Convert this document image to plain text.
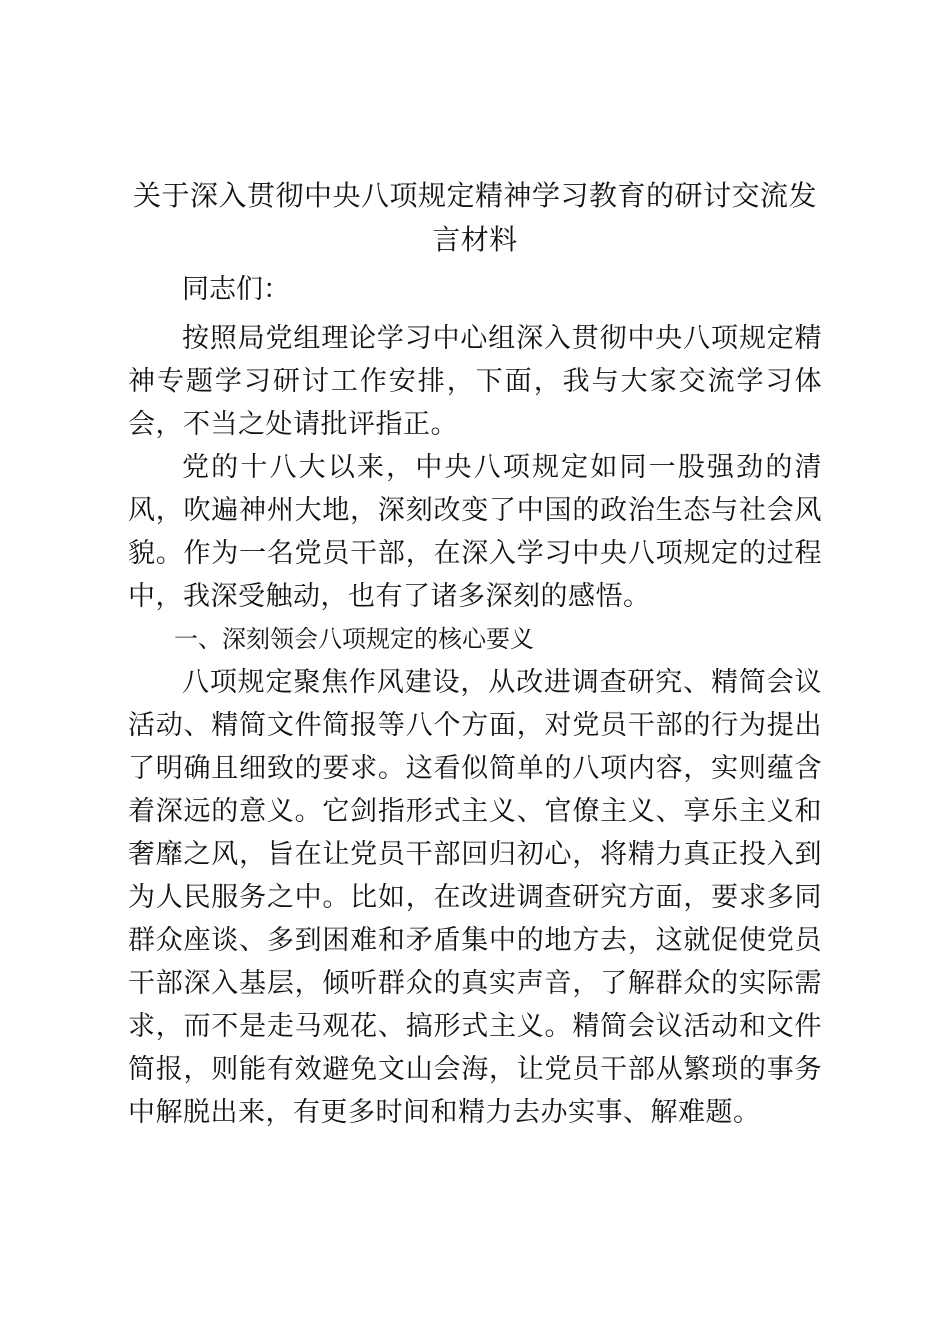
关于深入贯彻中央八项规定精神学习教育的研讨交流发言材料

同志们：

按照局党组理论学习中心组深入贯彻中央八项规定精神专题学习研讨工作安排，下面，我与大家交流学习体会，不当之处请批评指正。

党的十八大以来，中央八项规定如同一股强劲的清风，吹遍神州大地，深刻改变了中国的政治生态与社会风貌。作为一名党员干部，在深入学习中央八项规定的过程中，我深受触动，也有了诸多深刻的感悟。

一、深刻领会八项规定的核心要义

八项规定聚焦作风建设，从改进调查研究、精简会议活动、精简文件简报等八个方面，对党员干部的行为提出了明确且细致的要求。这看似简单的八项内容，实则蕴含着深远的意义。它剑指形式主义、官僚主义、享乐主义和奢靡之风，旨在让党员干部回归初心，将精力真正投入到为人民服务之中。比如，在改进调查研究方面，要求多同群众座谈、多到困难和矛盾集中的地方去，这就促使党员干部深入基层，倾听群众的真实声音，了解群众的实际需求，而不是走马观花、搞形式主义。精简会议活动和文件简报，则能有效避免文山会海，让党员干部从繁琐的事务中解脱出来，有更多时间和精力去办实事、解难题。
